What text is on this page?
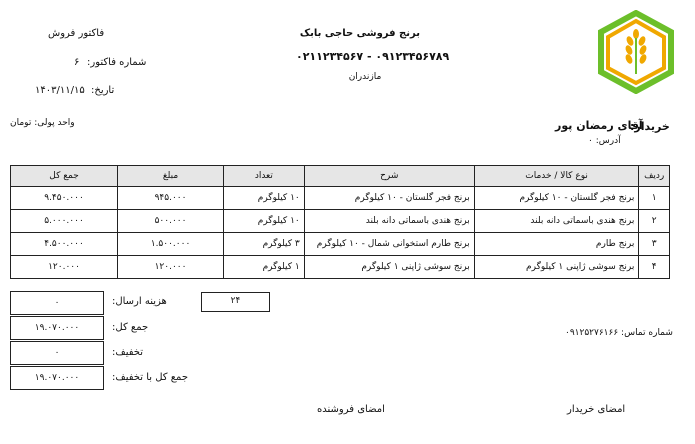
برنج فروشی حاجی بابک
۰۲۱۱۲۳۴۵۶۷ - ۰۹۱۲۳۴۵۶۷۸۹
مازندران
فاکتور فروش
شماره فاکتور:
۶
تاریخ:
۱۴۰۳/۱۱/۱۵
واحد پولی: تومان	خریدار:
آقای رمضان پور
آدرس: ۰
ردیف	نوع کالا / خدمات	شرح	تعداد	مبلغ	جمع کل
۱	برنج فجر گلستان - ۱۰ کیلوگرم	برنج فجر گلستان - ۱۰ کیلوگرم	۱۰ کیلوگرم	۹۴۵.۰۰۰	۹.۴۵۰.۰۰۰
۲	برنج هندی باسماتی دانه بلند	برنج هندی باسماتی دانه بلند	۱۰ کیلوگرم	۵۰۰.۰۰۰	۵.۰۰۰.۰۰۰
۳	برنج طارم	برنج طارم استخوانی شمال - ۱۰ کیلوگرم	۳ کیلوگرم	۱.۵۰۰.۰۰۰	۴.۵۰۰.۰۰۰
۴	برنج سوشی ژاپنی ۱ کیلوگرم	برنج سوشی ژاپنی ۱ کیلوگرم	۱ کیلوگرم	۱۲۰.۰۰۰	۱۲۰.۰۰۰
۲۴
۰	هزینه ارسال:
۱۹.۰۷۰.۰۰۰	جمع کل:
۰	تخفیف:
۱۹.۰۷۰.۰۰۰	جمع کل با تخفیف:
شماره تماس: ۰۹۱۲۵۲۷۶۱۶۶
امضای خریدار
امضای فروشنده
